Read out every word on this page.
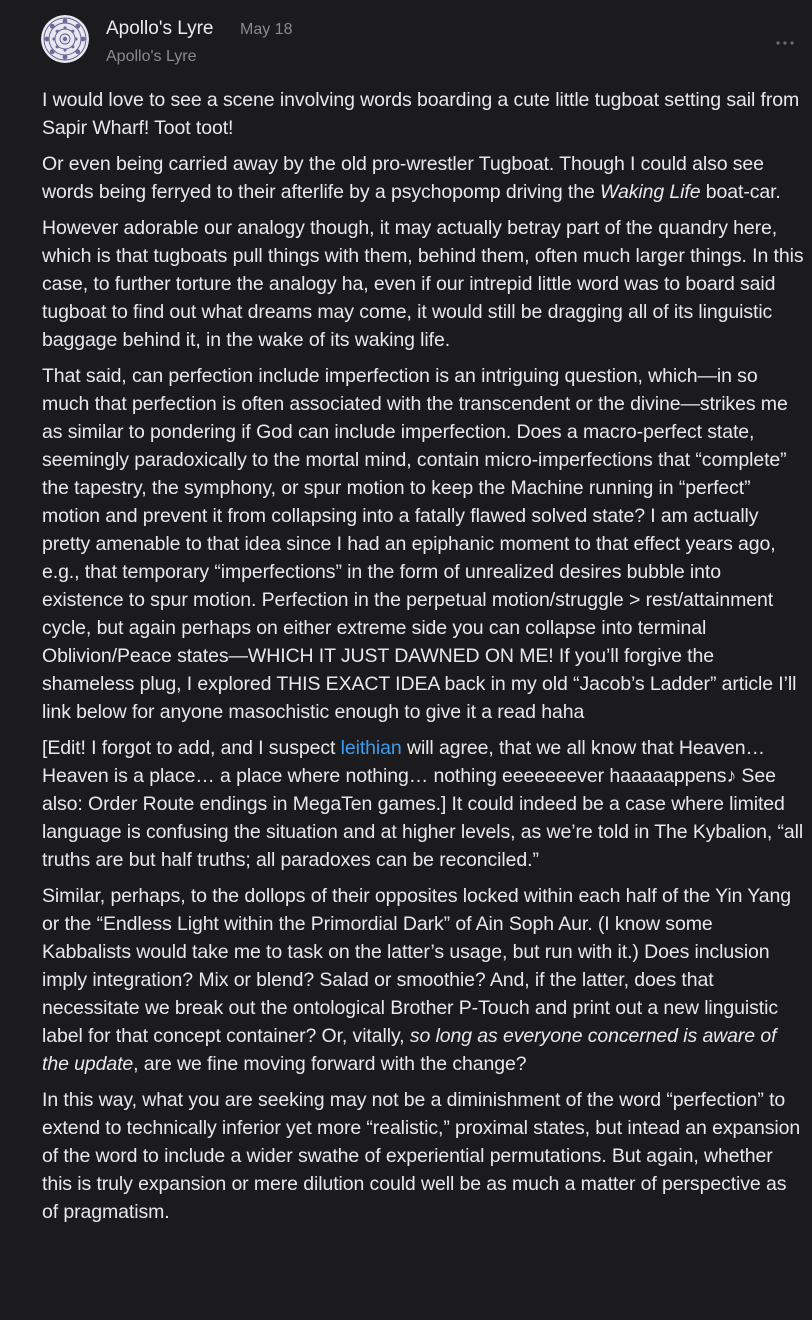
Apollo's Lyre May 18
Apollo's Lyre

I would love to see a scene involving words boarding a cute little tugboat setting sail from Sapir Wharf! Toot toot!

Or even being carried away by the old pro-wrestler Tugboat. Though I could also see words being ferryed to their afterlife by a psychopomp driving the Waking Life boat-car.

However adorable our analogy though, it may actually betray part of the quandry here, which is that tugboats pull things with them, behind them, often much larger things. In this case, to further torture the analogy ha, even if our intrepid little word was to board said tugboat to find out what dreams may come, it would still be dragging all of its linguistic baggage behind it, in the wake of its waking life.

That said, can perfection include imperfection is an intriguing question, which—in so much that perfection is often associated with the transcendent or the divine—strikes me as similar to pondering if God can include imperfection. Does a macro-perfect state, seemingly paradoxically to the mortal mind, contain micro-imperfections that “complete” the tapestry, the symphony, or spur motion to keep the Machine running in “perfect” motion and prevent it from collapsing into a fatally flawed solved state? I am actually pretty amenable to that idea since I had an epiphanic moment to that effect years ago, e.g., that temporary “imperfections” in the form of unrealized desires bubble into existence to spur motion. Perfection in the perpetual motion/struggle > rest/attainment cycle, but again perhaps on either extreme side you can collapse into terminal Oblivion/Peace states—WHICH IT JUST DAWNED ON ME! If you’ll forgive the shameless plug, I explored THIS EXACT IDEA back in my old “Jacob’s Ladder” article I’ll link below for anyone masochistic enough to give it a read haha

[Edit! I forgot to add, and I suspect leithian will agree, that we all know that Heaven… Heaven is a place… a place where nothing… nothing eeeeeeever haaaaappens♪ See also: Order Route endings in MegaTen games.] It could indeed be a case where limited language is confusing the situation and at higher levels, as we’re told in The Kybalion, “all truths are but half truths; all paradoxes can be reconciled.”

Similar, perhaps, to the dollops of their opposites locked within each half of the Yin Yang or the “Endless Light within the Primordial Dark” of Ain Soph Aur. (I know some Kabbalists would take me to task on the latter’s usage, but run with it.) Does inclusion imply integration? Mix or blend? Salad or smoothie? And, if the latter, does that necessitate we break out the ontological Brother P-Touch and print out a new linguistic label for that concept container? Or, vitally, so long as everyone concerned is aware of the update, are we fine moving forward with the change?

In this way, what you are seeking may not be a diminishment of the word “perfection” to extend to technically inferior yet more “realistic,” proximal states, but intead an expansion of the word to include a wider swathe of experiential permutations. But again, whether this is truly expansion or mere dilution could well be as much a matter of perspective as of pragmatism.
